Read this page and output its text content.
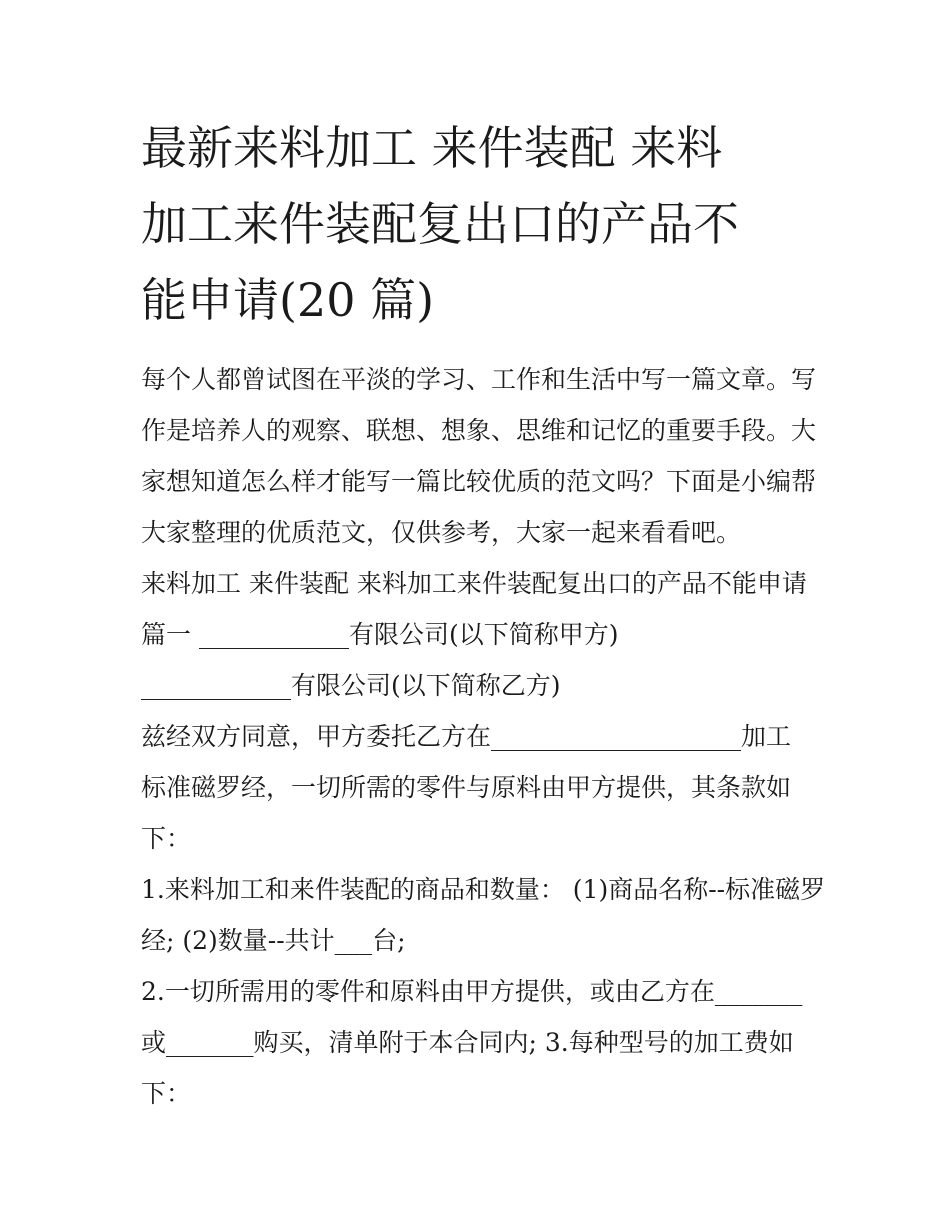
最新来料加工 来件装配 来料
加工来件装配复出口的产品不
能申请(20 篇)
每个人都曾试图在平淡的学习、工作和生活中写一篇文章。写
作是培养人的观察、联想、想象、思维和记忆的重要手段。大
家想知道怎么样才能写一篇比较优质的范文吗？下面是小编帮
大家整理的优质范文，仅供参考，大家一起来看看吧。
来料加工 来件装配 来料加工来件装配复出口的产品不能申请
篇一 ____________有限公司(以下简称甲方)
____________有限公司(以下简称乙方)
兹经双方同意，甲方委托乙方在____________________加工
标准磁罗经，一切所需的零件与原料由甲方提供，其条款如
下：
1.来料加工和来件装配的商品和数量： (1)商品名称--标准磁罗
经; (2)数量--共计___台;
2.一切所需用的零件和原料由甲方提供，或由乙方在_______
或_______购买，清单附于本合同内; 3.每种型号的加工费如
下：
